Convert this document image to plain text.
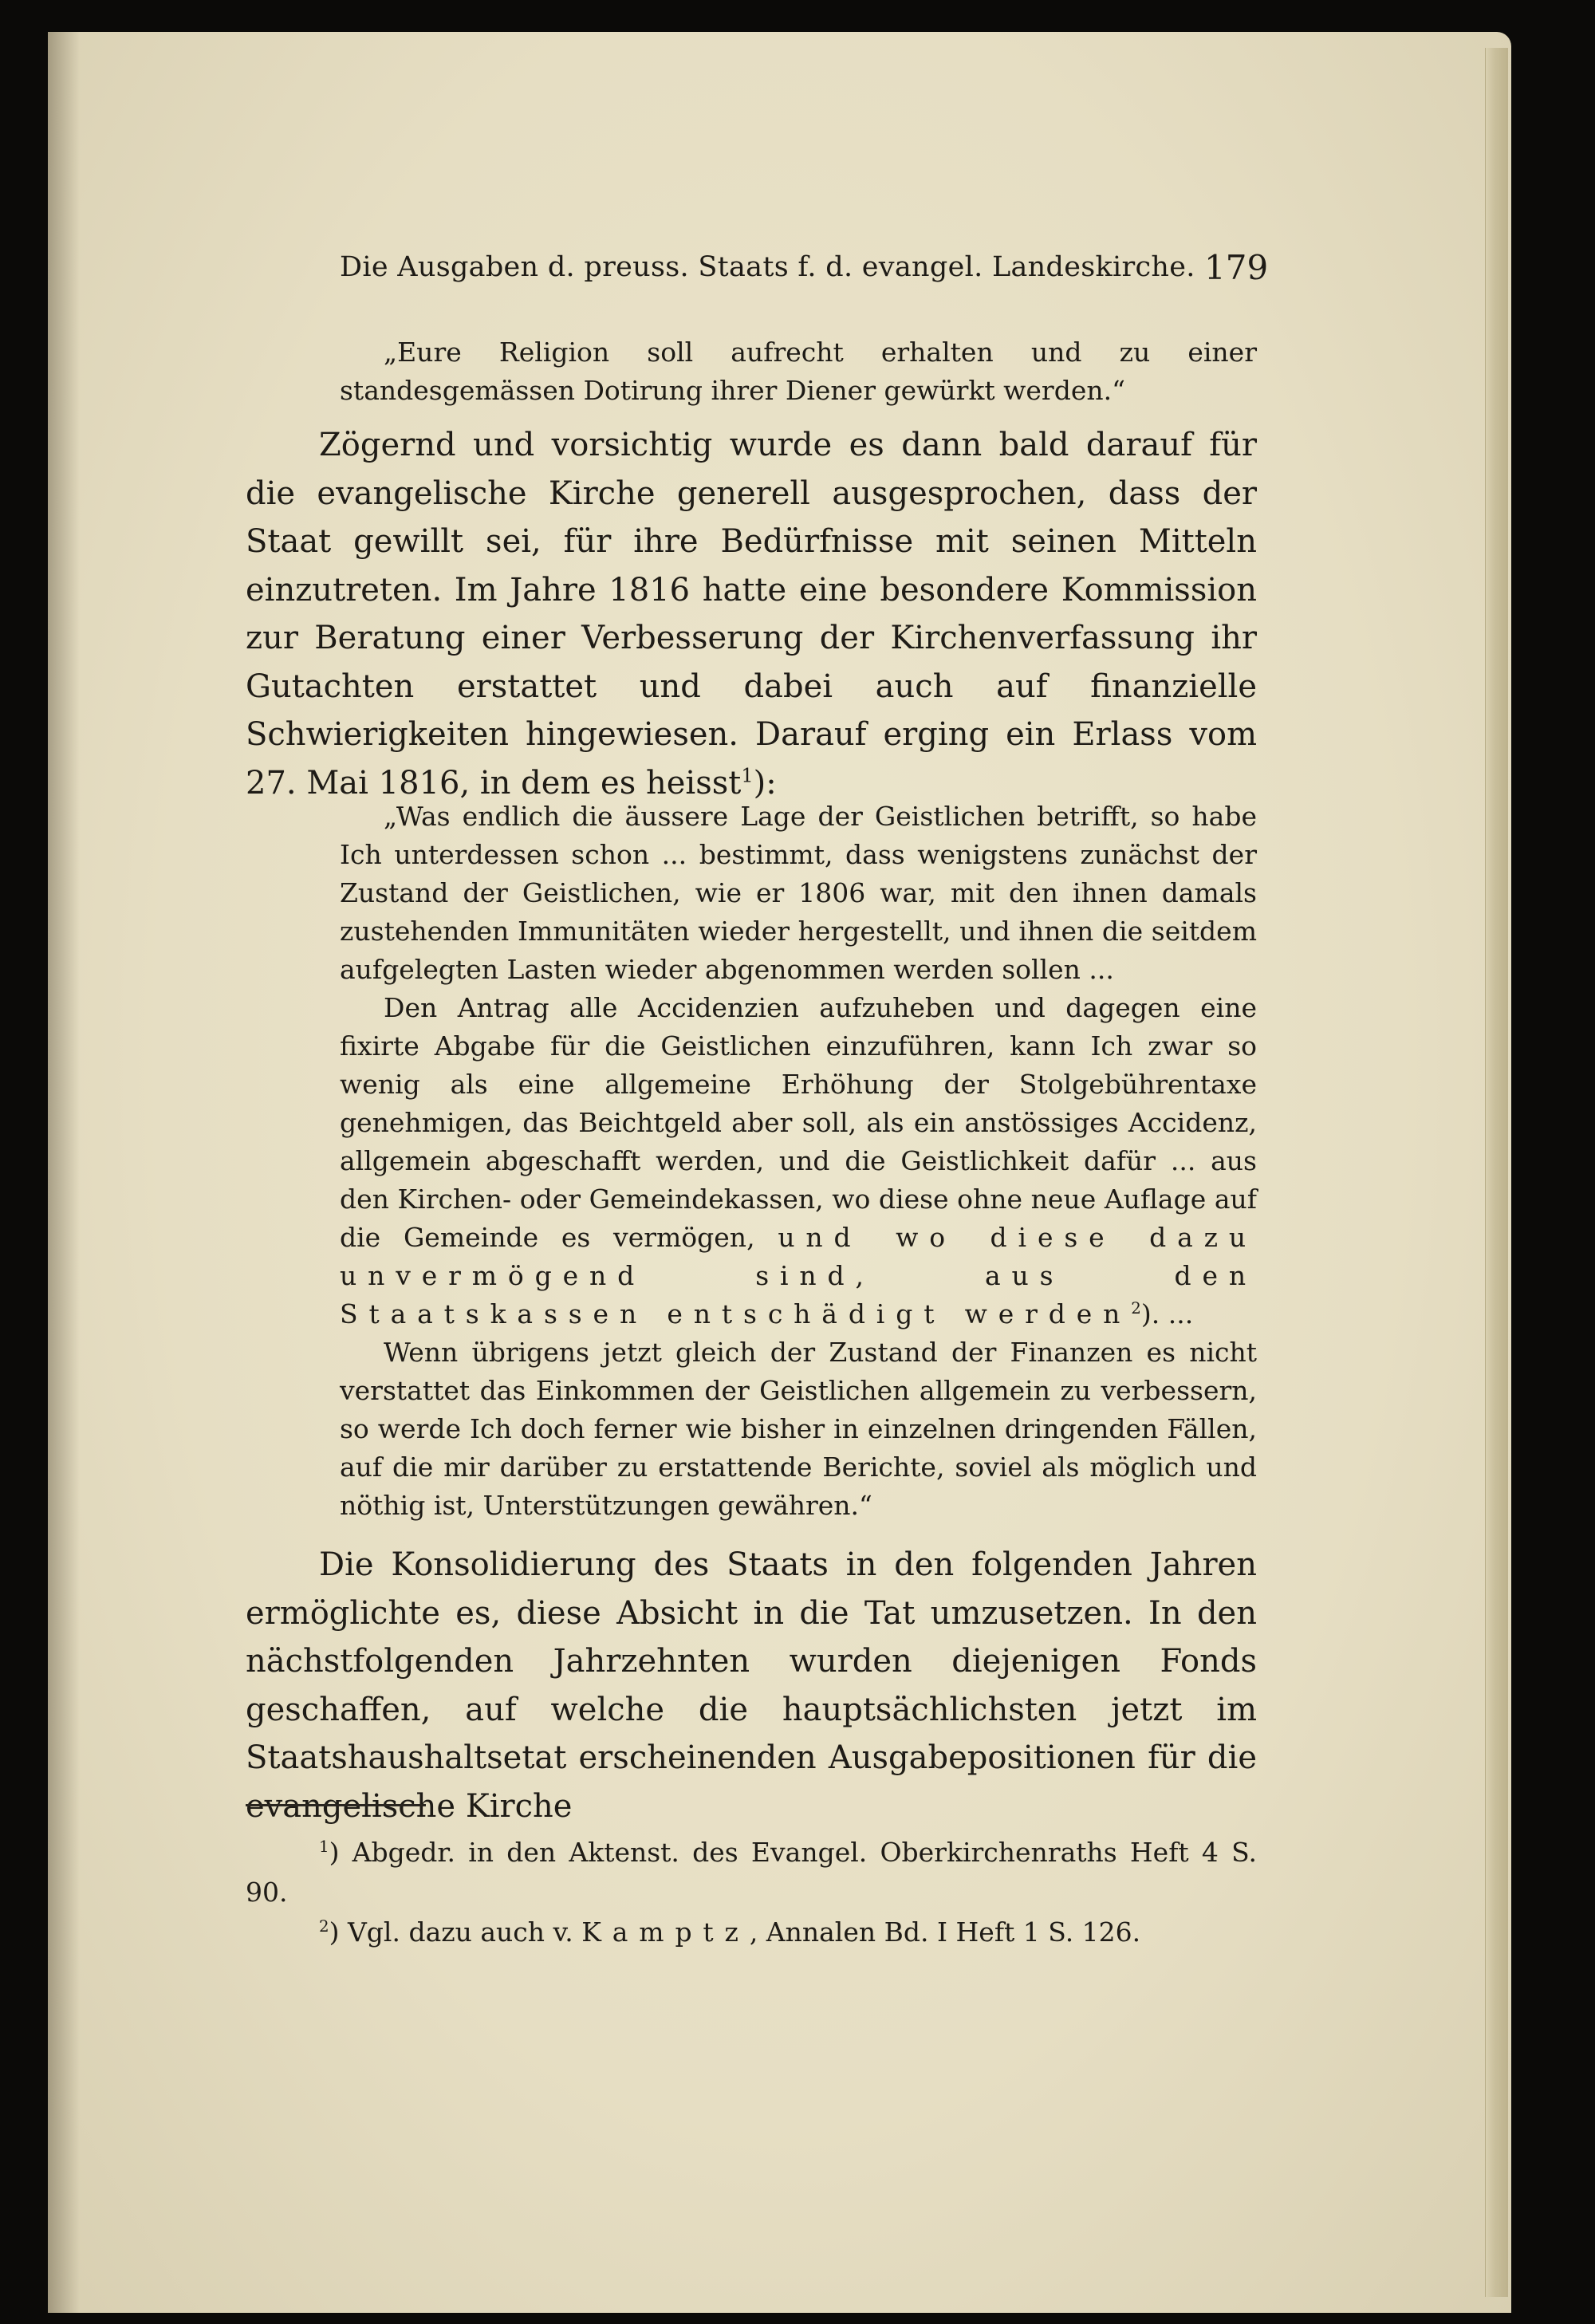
Die Ausgaben d. preuss. Staats f. d. evangel. Landeskirche. 179
„Eure Religion soll aufrecht erhalten und zu einer standesgemässen Dotirung ihrer Diener gewürkt werden.“
Zögernd und vorsichtig wurde es dann bald darauf für die evangelische Kirche generell ausgesprochen, dass der Staat gewillt sei, für ihre Bedürfnisse mit seinen Mitteln einzutreten. Im Jahre 1816 hatte eine besondere Kommission zur Beratung einer Verbesserung der Kirchenverfassung ihr Gutachten erstattet und dabei auch auf finanzielle Schwierigkeiten hingewiesen. Darauf erging ein Erlass vom 27. Mai 1816, in dem es heisst$^1$):

„Was endlich die äussere Lage der Geistlichen betrifft, so habe Ich unterdessen schon ... bestimmt, dass wenigstens zunächst der Zustand der Geistlichen, wie er 1806 war, mit den ihnen damals zustehenden Immunitäten wieder hergestellt, und ihnen die seitdem aufgelegten Lasten wieder abgenommen werden sollen ...

Den Antrag alle Accidenzien aufzuheben und dagegen eine fixirte Abgabe für die Geistlichen einzuführen, kann Ich zwar so wenig als eine allgemeine Erhöhung der Stolgebührentaxe genehmigen, das Beichtgeld aber soll, als ein anstössiges Accidenz, allgemein abgeschafft werden, und die Geistlichkeit dafür ... aus den Kirchen- oder Gemeindekassen, wo diese ohne neue Auflage auf die Gemeinde es vermögen, und wo diese dazu unvermögend sind, aus den Staatskassen entschädigt werden$^2$). ...

Wenn übrigens jetzt gleich der Zustand der Finanzen es nicht verstattet das Einkommen der Geistlichen allgemein zu verbessern, so werde Ich doch ferner wie bisher in einzelnen dringenden Fällen, auf die mir darüber zu erstattende Berichte, soviel als möglich und nöthig ist, Unterstützungen gewähren.“

Die Konsolidierung des Staats in den folgenden Jahren ermöglichte es, diese Absicht in die Tat umzusetzen. In den nächstfolgenden Jahrzehnten wurden diejenigen Fonds geschaffen, auf welche die hauptsächlichsten jetzt im Staatshaushaltsetat erscheinenden Ausgabepositionen für die evangelische Kirche

$^1$) Abgedr. in den Aktenst. des Evangel. Oberkirchenraths Heft 4 S. 90.

$^2$) Vgl. dazu auch v. Kamptz, Annalen Bd. I Heft 1 S. 126.
